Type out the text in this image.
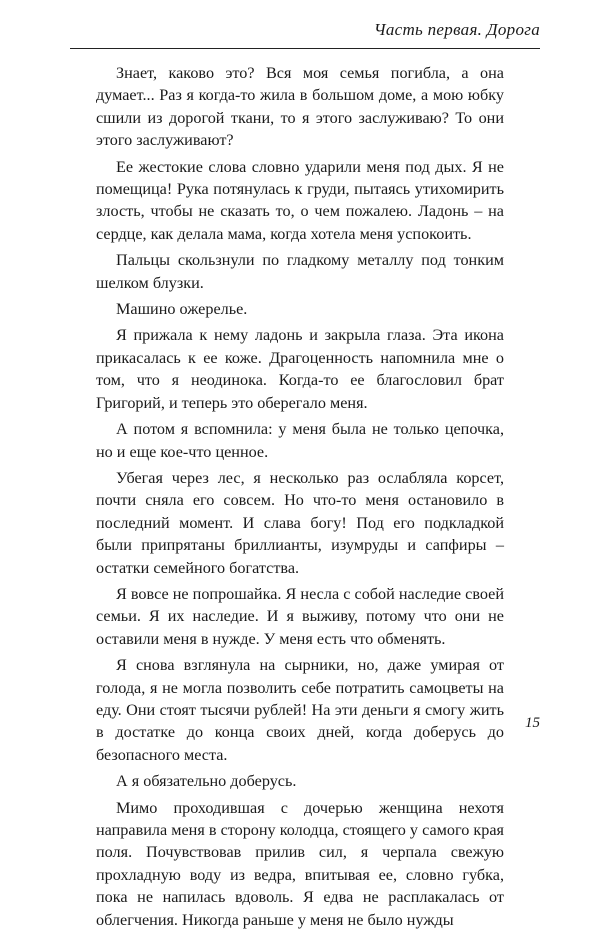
Часть первая. Дорога

Знает, каково это? Вся моя семья погибла, а она думает... Раз я когда-то жила в большом доме, а мою юбку сшили из дорогой ткани, то я этого заслуживаю? То они этого заслуживают?

Ее жестокие слова словно ударили меня под дых. Я не помещица! Рука потянулась к груди, пытаясь утихомирить злость, чтобы не сказать то, о чем пожалею. Ладонь – на сердце, как делала мама, когда хотела меня успокоить.

Пальцы скользнули по гладкому металлу под тонким шелком блузки.

Машино ожерелье.

Я прижала к нему ладонь и закрыла глаза. Эта икона прикасалась к ее коже. Драгоценность напомнила мне о том, что я неодинока. Когда-то ее благословил брат Григорий, и теперь это оберегало меня.

А потом я вспомнила: у меня была не только цепочка, но и еще кое-что ценное.

Убегая через лес, я несколько раз ослабляла корсет, почти сняла его совсем. Но что-то меня остановило в последний момент. И слава богу! Под его подкладкой были припрятаны бриллианты, изумруды и сапфиры – остатки семейного богатства.

Я вовсе не попрошайка. Я несла с собой наследие своей семьи. Я их наследие. И я выживу, потому что они не оставили меня в нужде. У меня есть что обменять.

Я снова взглянула на сырники, но, даже умирая от голода, я не могла позволить себе потратить самоцветы на еду. Они стоят тысячи рублей! На эти деньги я смогу жить в достатке до конца своих дней, когда доберусь до безопасного места.

А я обязательно доберусь.

Мимо проходившая с дочерью женщина нехотя направила меня в сторону колодца, стоящего у самого края поля. Почувствовав прилив сил, я черпала свежую прохладную воду из ведра, впитывая ее, словно губка, пока не напилась вдоволь. Я едва не расплакалась от облегчения. Никогда раньше у меня не было нужды

15
